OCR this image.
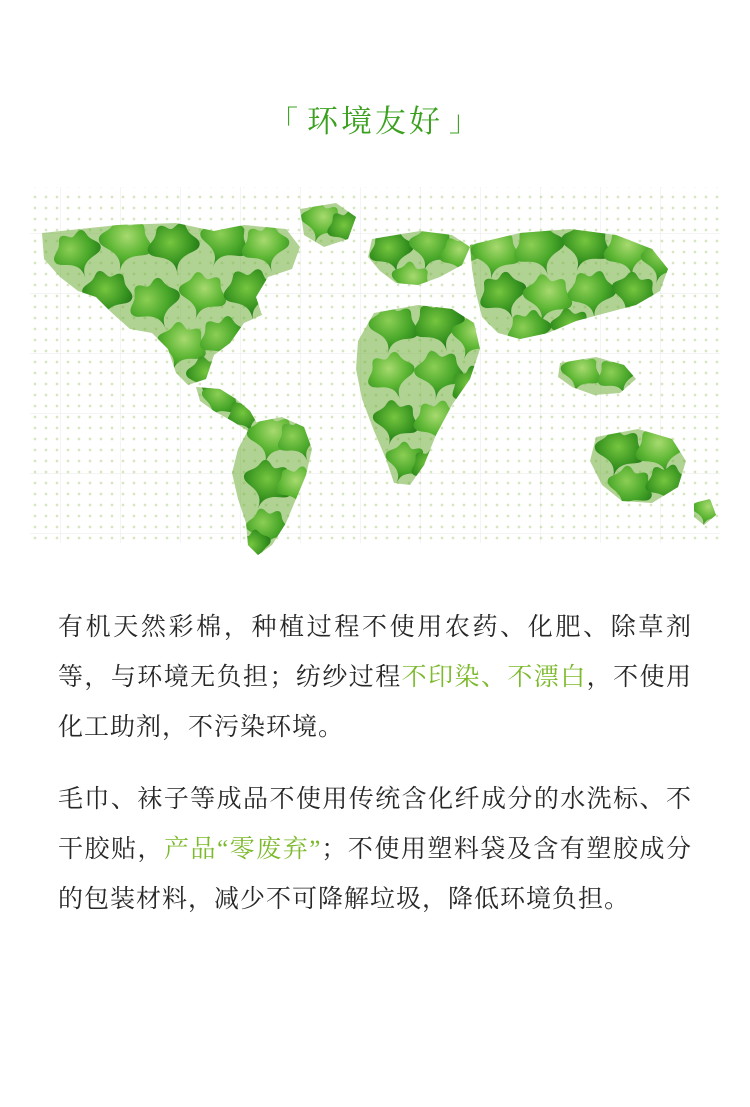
「 环境友好 」

有机天然彩棉，种植过程不使用农药、化肥、除草剂等，与环境无负担；纺纱过程不印染、不漂白，不使用化工助剂，不污染环境。

毛巾、袜子等成品不使用传统含化纤成分的水洗标、不干胶贴，产品“零废弃”；不使用塑料袋及含有塑胶成分的包装材料，减少不可降解垃圾，降低环境负担。
